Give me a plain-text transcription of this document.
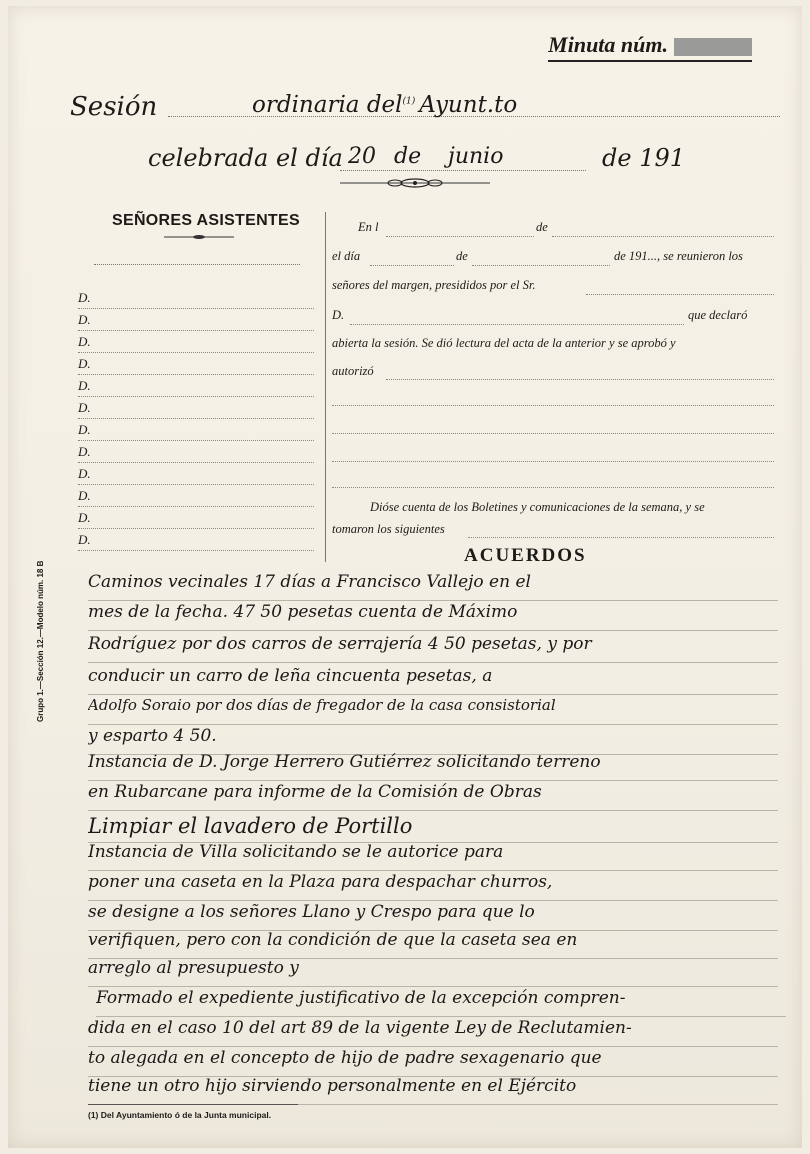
Minuta núm.
Sesión	ordinaria del$^{(1)}$ Ayunt.to
celebrada el día 20 de junio	de 191
SEÑORES ASISTENTES
D.
D.
D.
D.
D.
D.
D.
D.
D.
D.
D.
D.
Grupo 1.—Sección 12.—Modelo núm. 18 B
En l	de
el día	de	de 191..., se reunieron los
señores del margen, presididos por el Sr.
D.	que declaró
abierta la sesión. Se dió lectura del acta de la anterior y se aprobó y
autorizó
Dióse cuenta de los Boletines y comunicaciones de la semana, y se
tomaron los siguientes
ACUERDOS
Caminos vecinales 17 días a Francisco Vallejo en el
mes de la fecha. 47 50 pesetas cuenta de Máximo
Rodríguez por dos carros de serrajería 4 50 pesetas, y por
conducir un carro de leña cincuenta pesetas, a
Adolfo Soraio por dos días de fregador de la casa consistorial
y esparto 4 50.
Instancia de D. Jorge Herrero Gutiérrez solicitando terreno
en Rubarcane para informe de la Comisión de Obras
Limpiar el lavadero de Portillo
Instancia de Villa solicitando se le autorice para
poner una caseta en la Plaza para despachar churros,
se designe a los señores Llano y Crespo para que lo
verifiquen, pero con la condición de que la caseta sea en
arreglo al presupuesto y
Formado el expediente justificativo de la excepción compren-
dida en el caso 10 del art 89 de la vigente Ley de Reclutamien-
to alegada en el concepto de hijo de padre sexagenario que
tiene un otro hijo sirviendo personalmente en el Ejército
(1) Del Ayuntamiento ó de la Junta municipal.
